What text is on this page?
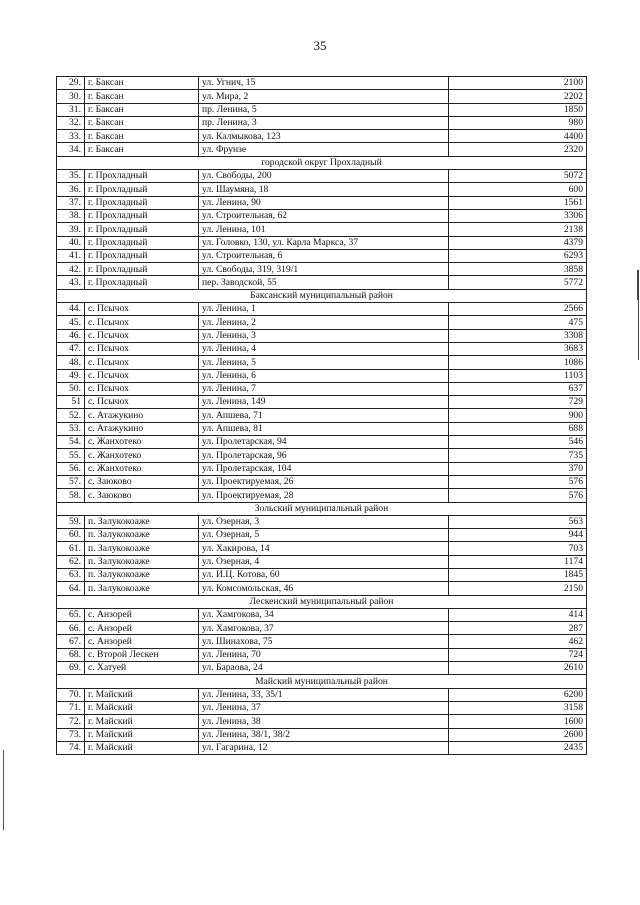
35
29.	г. Баксан	ул. Угнич, 15	2100
30.	г. Баксан	ул. Мира, 2	2202
31.	г. Баксан	пр. Ленина, 5	1850
32.	г. Баксан	пр. Ленина, 3	980
33.	г. Баксан	ул. Калмыкова, 123	4400
34.	г. Баксан	ул. Фрунзе	2320
городской округ Прохладный			
35.	г. Прохладный	ул. Свободы, 200	5072
36.	г. Прохладный	ул. Шаумяна, 18	600
37.	г. Прохладный	ул. Ленина, 90	1561
38.	г. Прохладный	ул. Строительная, 62	3306
39.	г. Прохладный	ул. Ленина, 101	2138
40.	г. Прохладный	ул. Головко, 130, ул. Карла Маркса, 37	4379
41.	г. Прохладный	ул. Строительная, 6	6293
42.	г. Прохладный	ул. Свободы, 319, 319/1	3858
43.	г. Прохладный	пер. Заводской, 55	5772
Баксанский муниципальный район			
44.	с. Псычох	ул. Ленина, 1	2566
45.	с. Псычох	ул. Ленина, 2	475
46.	с. Псычох	ул. Ленина, 3	3308
47.	с. Псычох	ул. Ленина, 4	3683
48.	с. Псычох	ул. Ленина, 5	1086
49.	с. Псычох	ул. Ленина, 6	1103
50.	с. Псычох	ул. Ленина, 7	637
51	с. Псычох	ул. Ленина, 149	729
52.	с. Атажукино	ул. Апшева, 71	900
53.	с. Атажукино	ул. Апшева, 81	688
54.	с. Жанхотеко	ул. Пролетарская, 94	546
55.	с. Жанхотеко	ул. Пролетарская, 96	735
56.	с. Жанхотеко	ул. Пролетарская, 104	370
57.	с. Заюково	ул. Проектируемая, 26	576
58.	с. Заюково	ул. Проектируемая, 28	576
Зольский муниципальный район			
59.	п. Залукокоаже	ул. Озерная, 3	563
60.	п. Залукокоаже	ул. Озерная, 5	944
61.	п. Залукокоаже	ул. Хакирова, 14	703
62.	п. Залукокоаже	ул. Озерная, 4	1174
63.	п. Залукокоаже	ул. И.Ц. Котова, 60	1845
64.	п. Залукокоаже	ул. Комсомольская, 46	2150
Лескенский муниципальный район			
65.	с. Анзорей	ул. Хамгокова, 34	414
66.	с. Анзорей	ул. Хамгокова, 37	287
67.	с. Анзорей	ул. Шинахова, 75	462
68.	с. Второй Лескен	ул. Ленина, 70	724
69.	с. Хатуей	ул. Бараова, 24	2610
Майский муниципальный район			
70.	г. Майский	ул. Ленина, 33, 35/1	6200
71.	г. Майский	ул. Ленина, 37	3158
72.	г. Майский	ул. Ленина, 38	1600
73.	г. Майский	ул. Ленина, 38/1, 38/2	2600
74.	г. Майский	ул. Гагарина, 12	2435
